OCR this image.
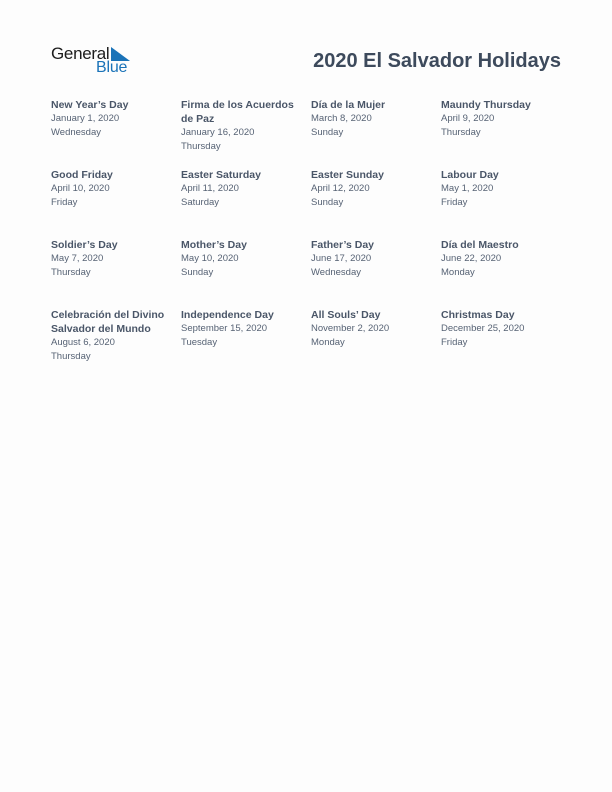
General
Blue	2020 El Salvador Holidays

New Year’s Day

January 1, 2020

Wednesday

Firma de los Acuerdos de Paz

January 16, 2020

Thursday

Día de la Mujer

March 8, 2020

Sunday

Maundy Thursday

April 9, 2020

Thursday

Good Friday

April 10, 2020

Friday

Easter Saturday

April 11, 2020

Saturday

Easter Sunday

April 12, 2020

Sunday

Labour Day

May 1, 2020

Friday

Soldier’s Day

May 7, 2020

Thursday

Mother’s Day

May 10, 2020

Sunday

Father’s Day

June 17, 2020

Wednesday

Día del Maestro

June 22, 2020

Monday

Celebración del Divino Salvador del Mundo

August 6, 2020

Thursday

Independence Day

September 15, 2020

Tuesday

All Souls’ Day

November 2, 2020

Monday

Christmas Day

December 25, 2020

Friday
